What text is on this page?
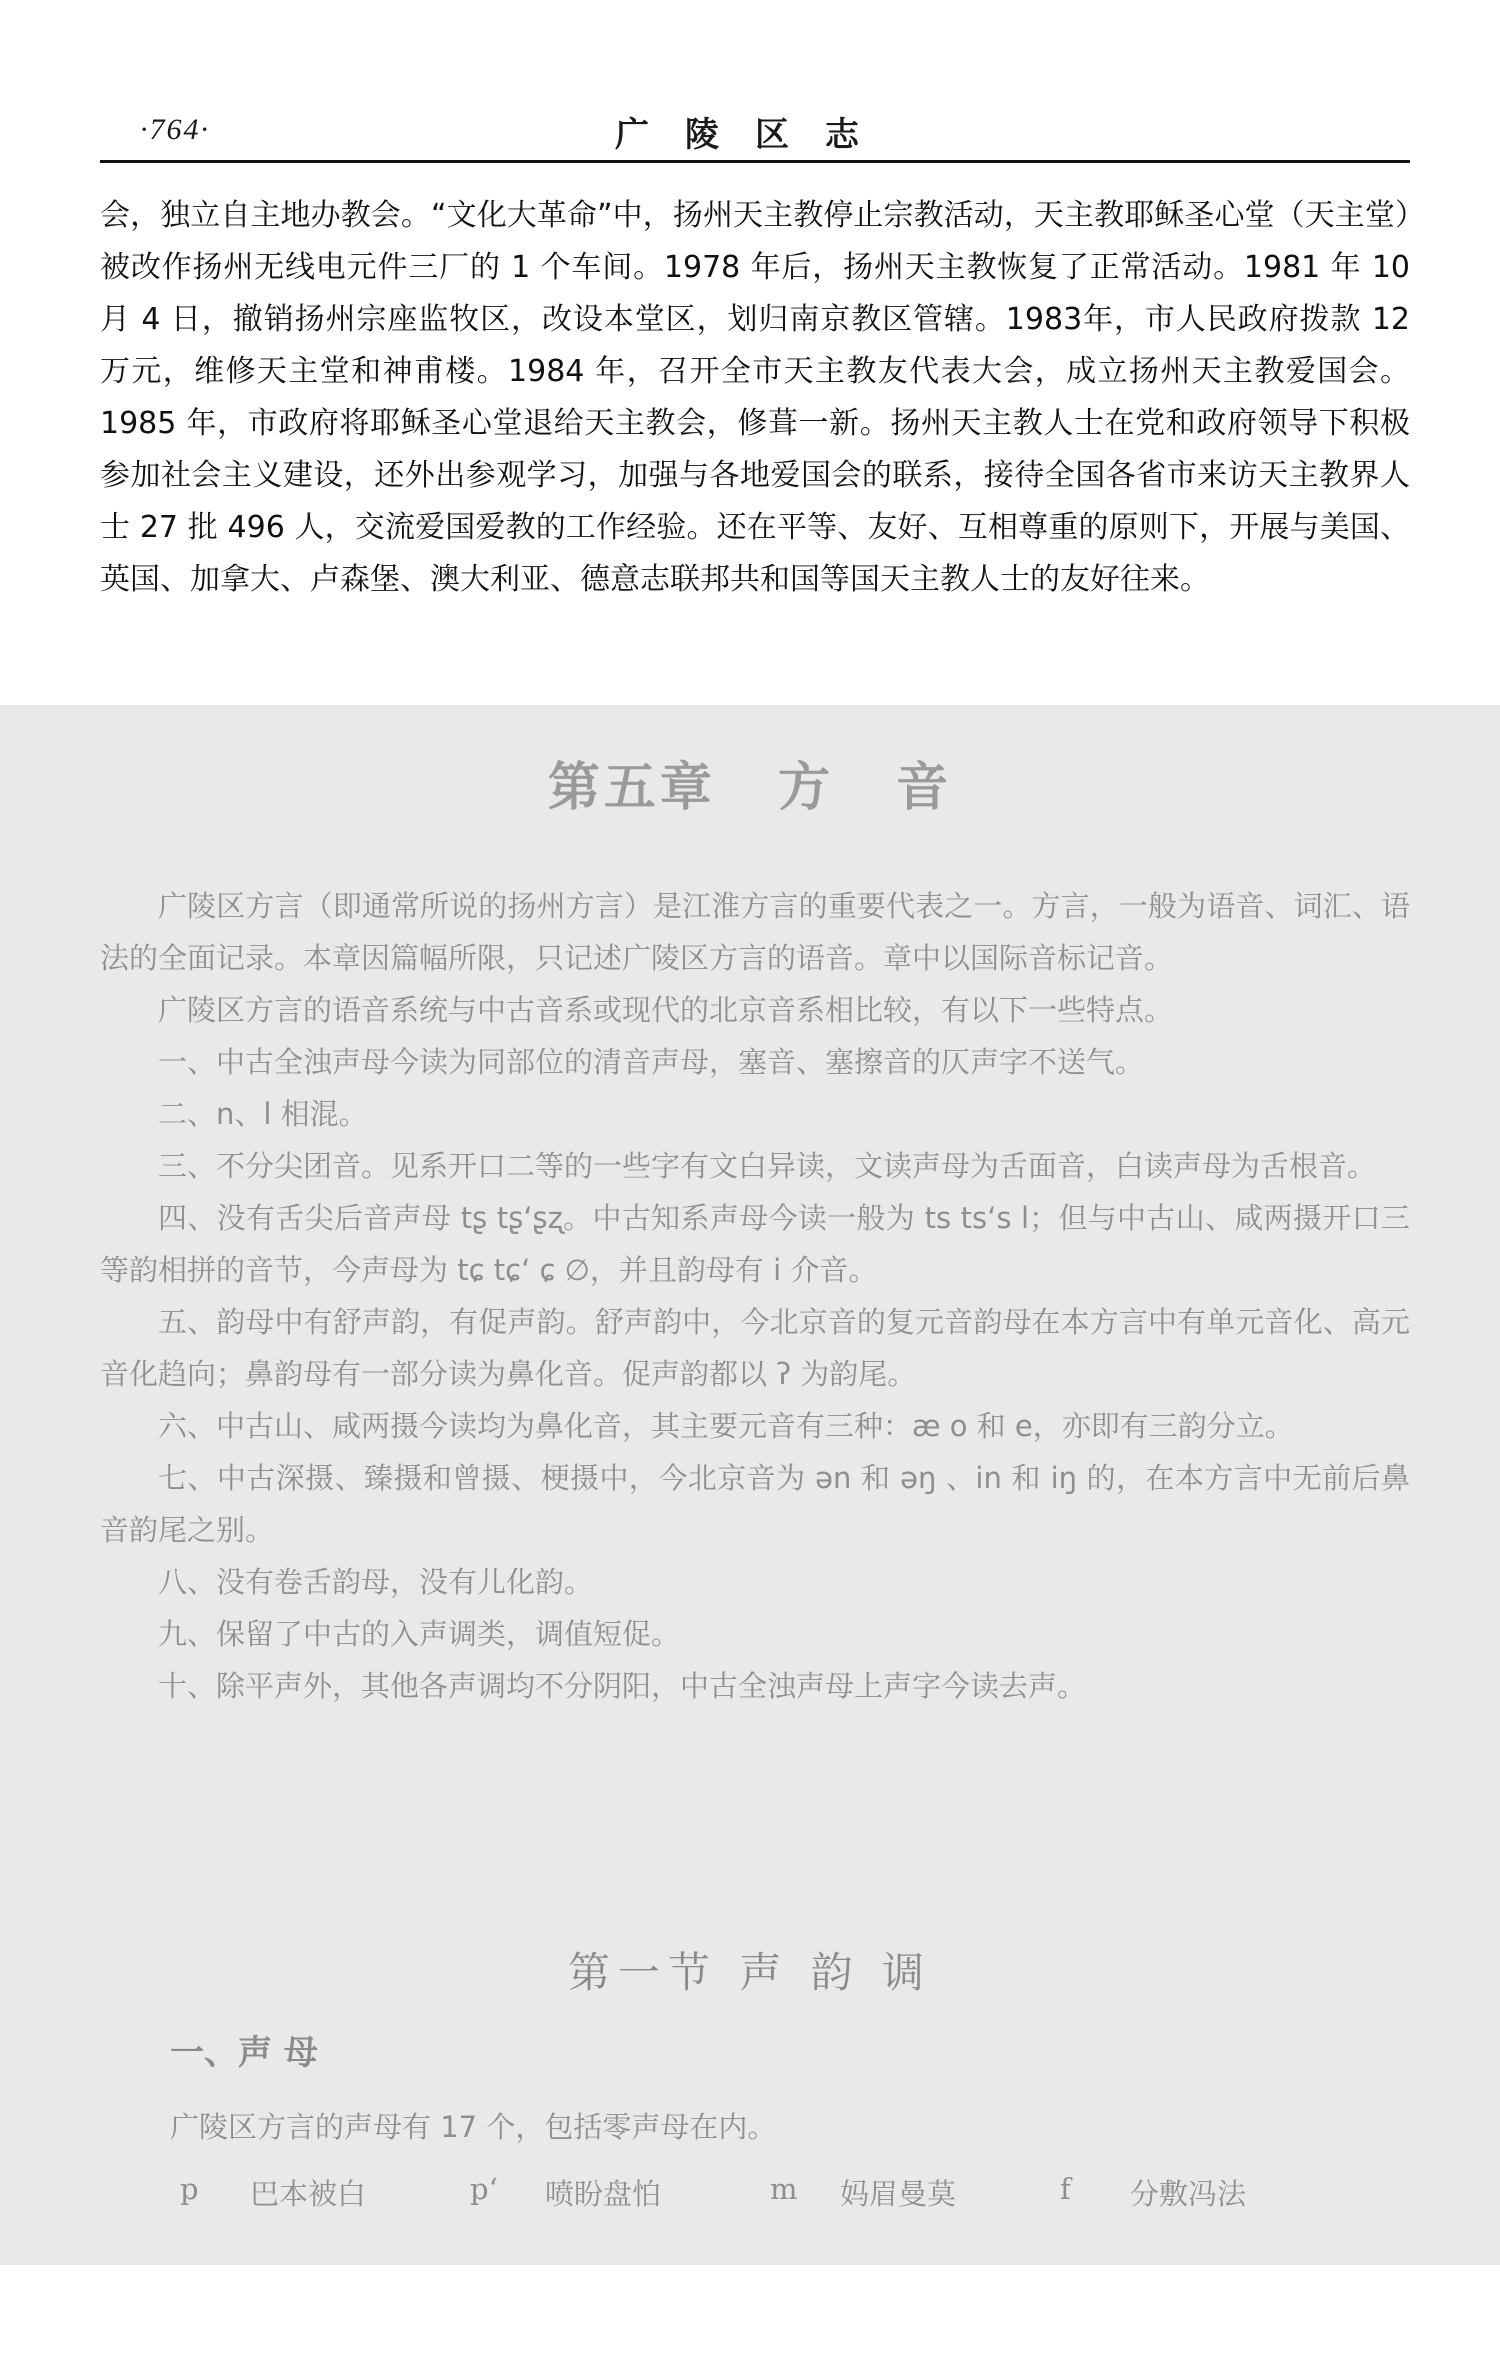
·764·	广陵区志

会，独立自主地办教会。“文化大革命”中，扬州天主教停止宗教活动，天主教耶稣圣心堂（天主堂）被改作扬州无线电元件三厂的 1 个车间。1978 年后，扬州天主教恢复了正常活动。1981 年 10 月 4 日，撤销扬州宗座监牧区，改设本堂区，划归南京教区管辖。1983年，市人民政府拨款 12 万元，维修天主堂和神甫楼。1984 年，召开全市天主教友代表大会，成立扬州天主教爱国会。1985 年，市政府将耶稣圣心堂退给天主教会，修葺一新。扬州天主教人士在党和政府领导下积极参加社会主义建设，还外出参观学习，加强与各地爱国会的联系，接待全国各省市来访天主教界人士 27 批 496 人，交流爱国爱教的工作经验。还在平等、友好、互相尊重的原则下，开展与美国、英国、加拿大、卢森堡、澳大利亚、德意志联邦共和国等国天主教人士的友好往来。

第五章 方 音

广陵区方言（即通常所说的扬州方言）是江淮方言的重要代表之一。方言，一般为语音、词汇、语法的全面记录。本章因篇幅所限，只记述广陵区方言的语音。章中以国际音标记音。

广陵区方言的语音系统与中古音系或现代的北京音系相比较，有以下一些特点。

一、中古全浊声母今读为同部位的清音声母，塞音、塞擦音的仄声字不送气。

二、n、l 相混。

三、不分尖团音。见系开口二等的一些字有文白异读，文读声母为舌面音，白读声母为舌根音。

四、没有舌尖后音声母 tʂ tʂʻʂʐ。中古知系声母今读一般为 ts tsʻs l；但与中古山、咸两摄开口三等韵相拼的音节，今声母为 tɕ tɕʻ ɕ ∅，并且韵母有 i 介音。

五、韵母中有舒声韵，有促声韵。舒声韵中，今北京音的复元音韵母在本方言中有单元音化、高元音化趋向；鼻韵母有一部分读为鼻化音。促声韵都以 ʔ 为韵尾。

六、中古山、咸两摄今读均为鼻化音，其主要元音有三种：æ o 和 e，亦即有三韵分立。

七、中古深摄、臻摄和曾摄、梗摄中，今北京音为 ən 和 əŋ 、in 和 iŋ 的，在本方言中无前后鼻音韵尾之别。

八、没有卷舌韵母，没有儿化韵。

九、保留了中古的入声调类，调值短促。

十、除平声外，其他各声调均不分阴阳，中古全浊声母上声字今读去声。

第一节 声 韵 调
一、声 母
广陵区方言的声母有 17 个，包括零声母在内。
p 巴本被白	pʻ 喷盼盘怕	m 妈眉曼莫	f 分敷冯法
